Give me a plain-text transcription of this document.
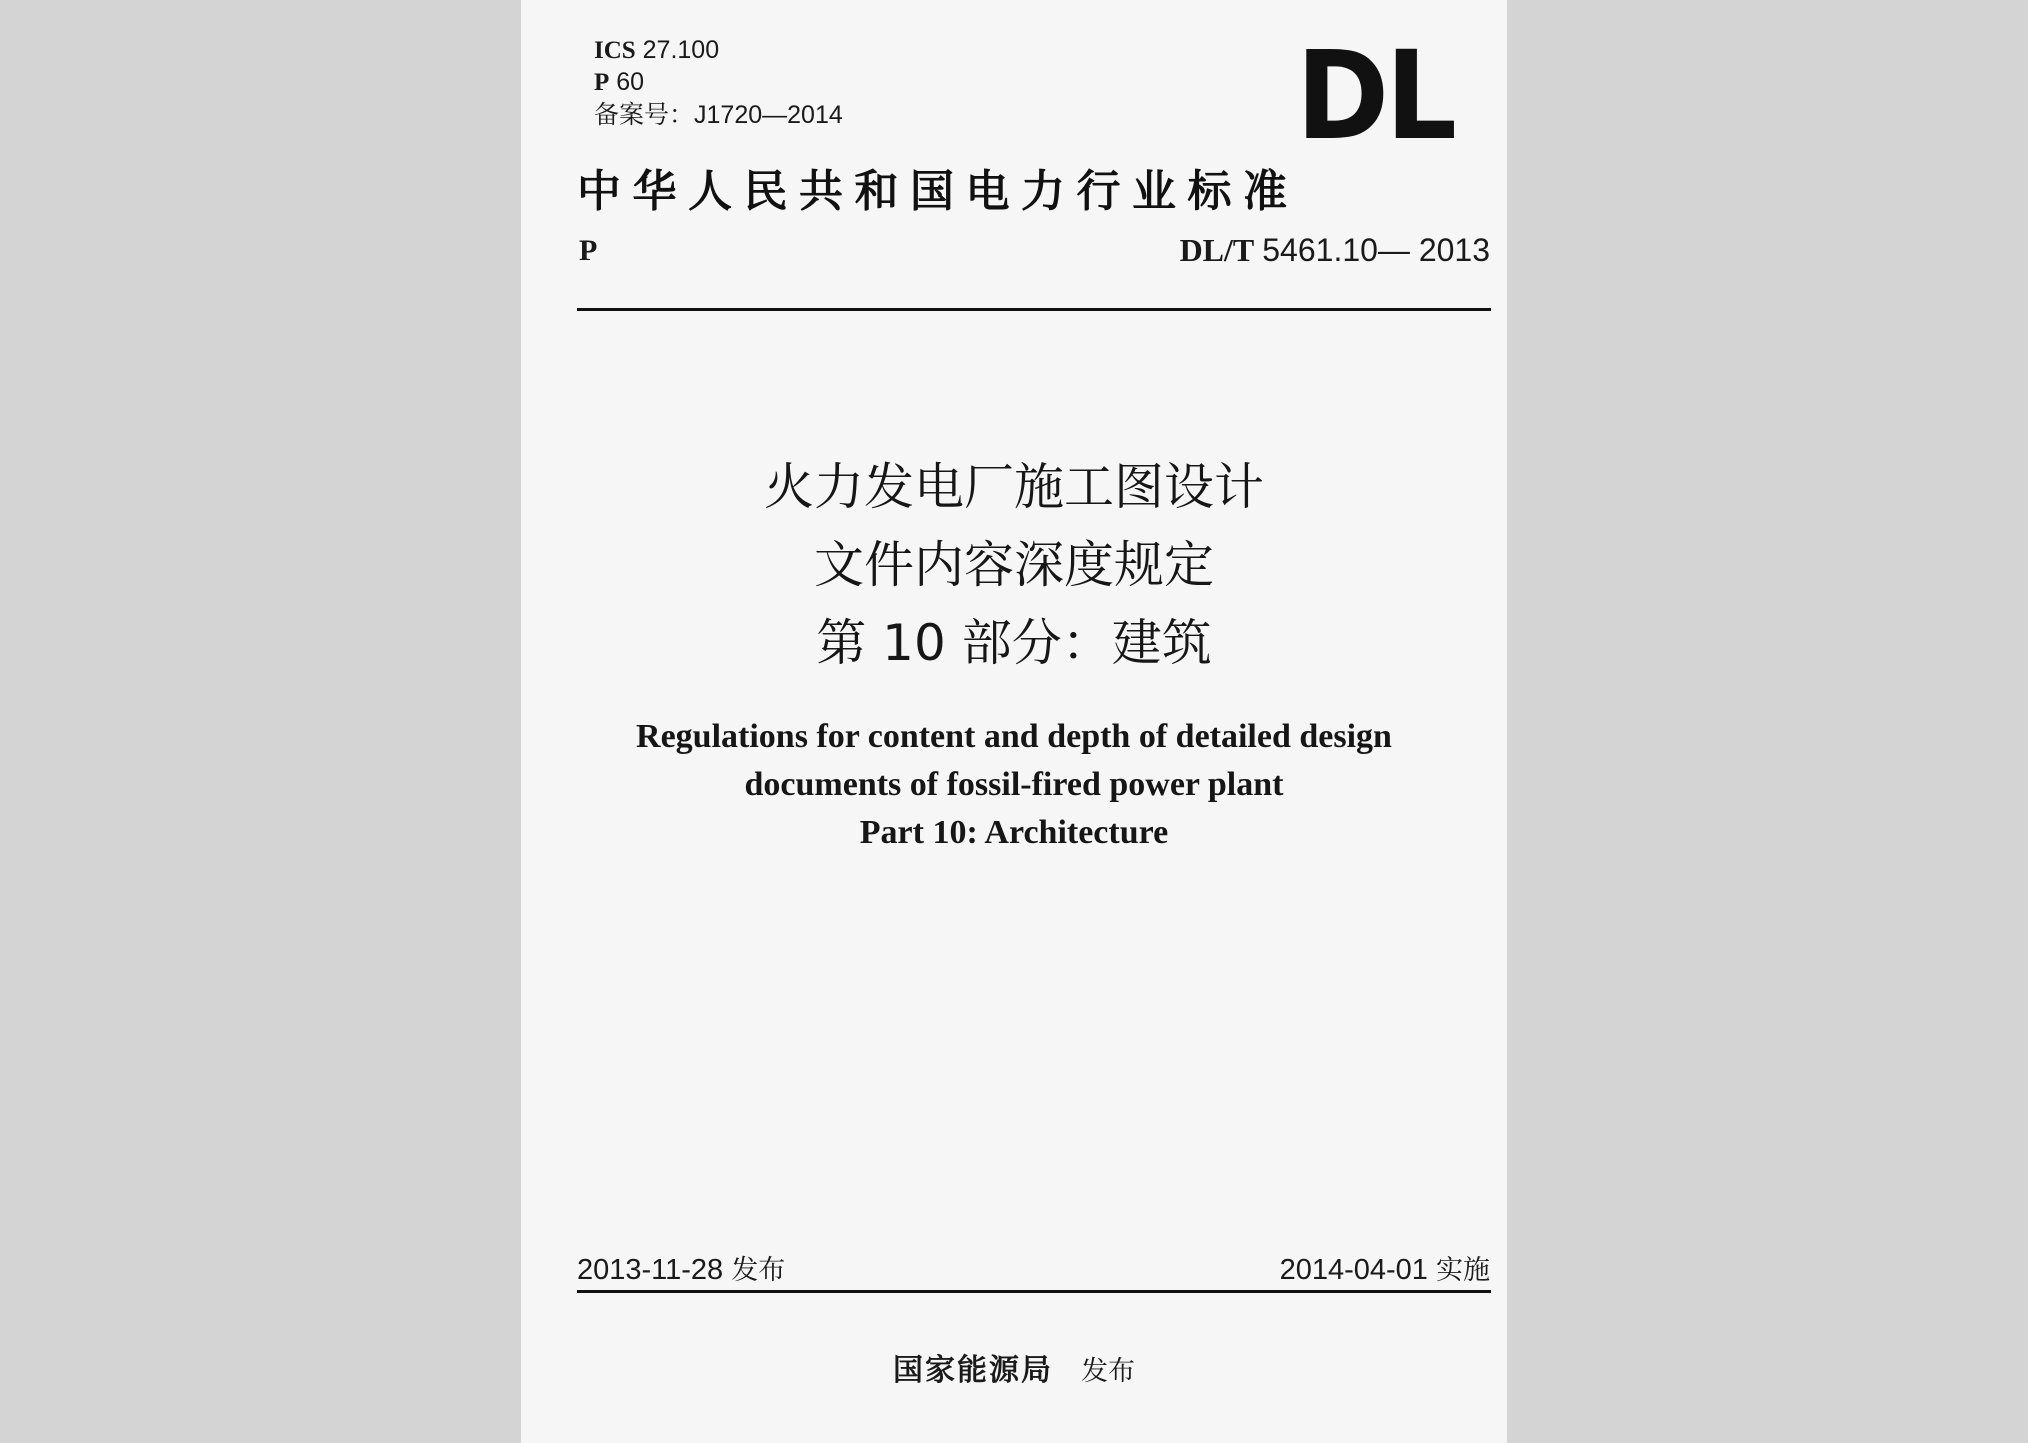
ICS 27.100
P 60
备案号：J1720—2014	DL
中华人民共和国电力行业标准
P	DL/T 5461.10— 2013
火力发电厂施工图设计
文件内容深度规定
第 10 部分：建筑
Regulations for content and depth of detailed design
documents of fossil-fired power plant
Part 10: Architecture
2013-11-28 发布	2014-04-01 实施
国家能源局 发布
